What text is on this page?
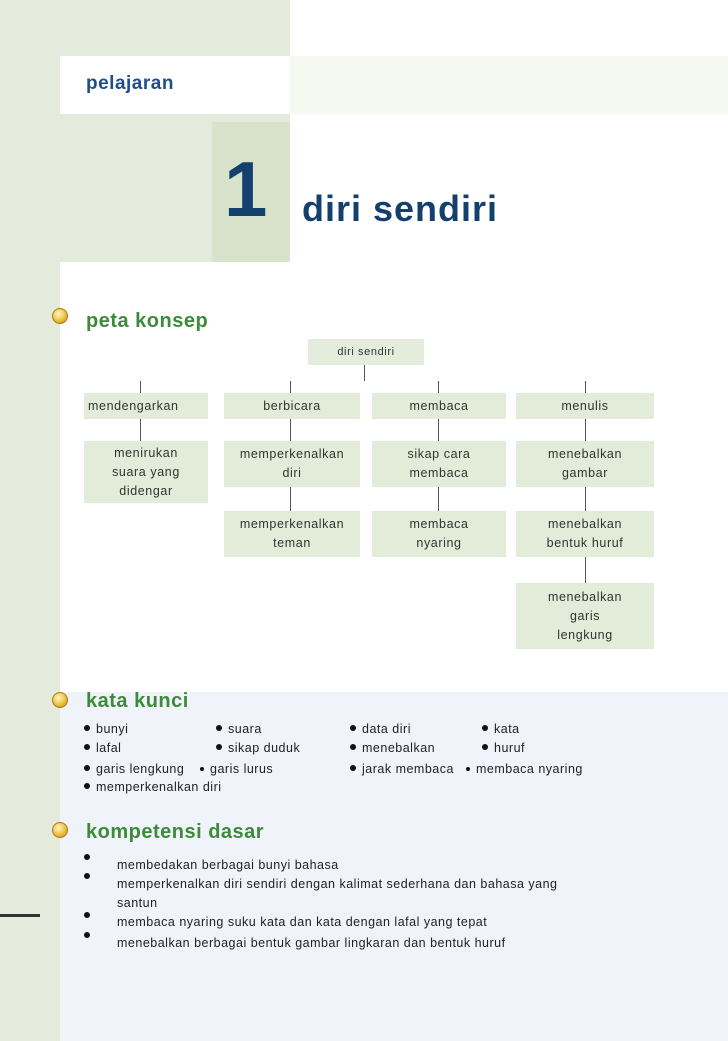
pelajaran
1 diri sendiri
peta konsep
diri sendiri
mendengarkan	berbicara	membaca	menulis
menirukan
suara yang
didengar
memperkenalkan
diri
sikap cara
membaca
menebalkan
gambar
memperkenalkan
teman
membaca
nyaring
menebalkan
bentuk huruf
menebalkan
garis
lengkung
kata kunci
bunyi	suara	data diri	kata
lafal	sikap duduk	menebalkan	huruf
garis lengkung	garis lurus	jarak membaca	membaca nyaring
memperkenalkan diri
kompetensi dasar
membedakan berbagai bunyi bahasa
memperkenalkan diri sendiri dengan kalimat sederhana dan bahasa yang
santun
membaca nyaring suku kata dan kata dengan lafal yang tepat
menebalkan berbagai bentuk gambar lingkaran dan bentuk huruf
